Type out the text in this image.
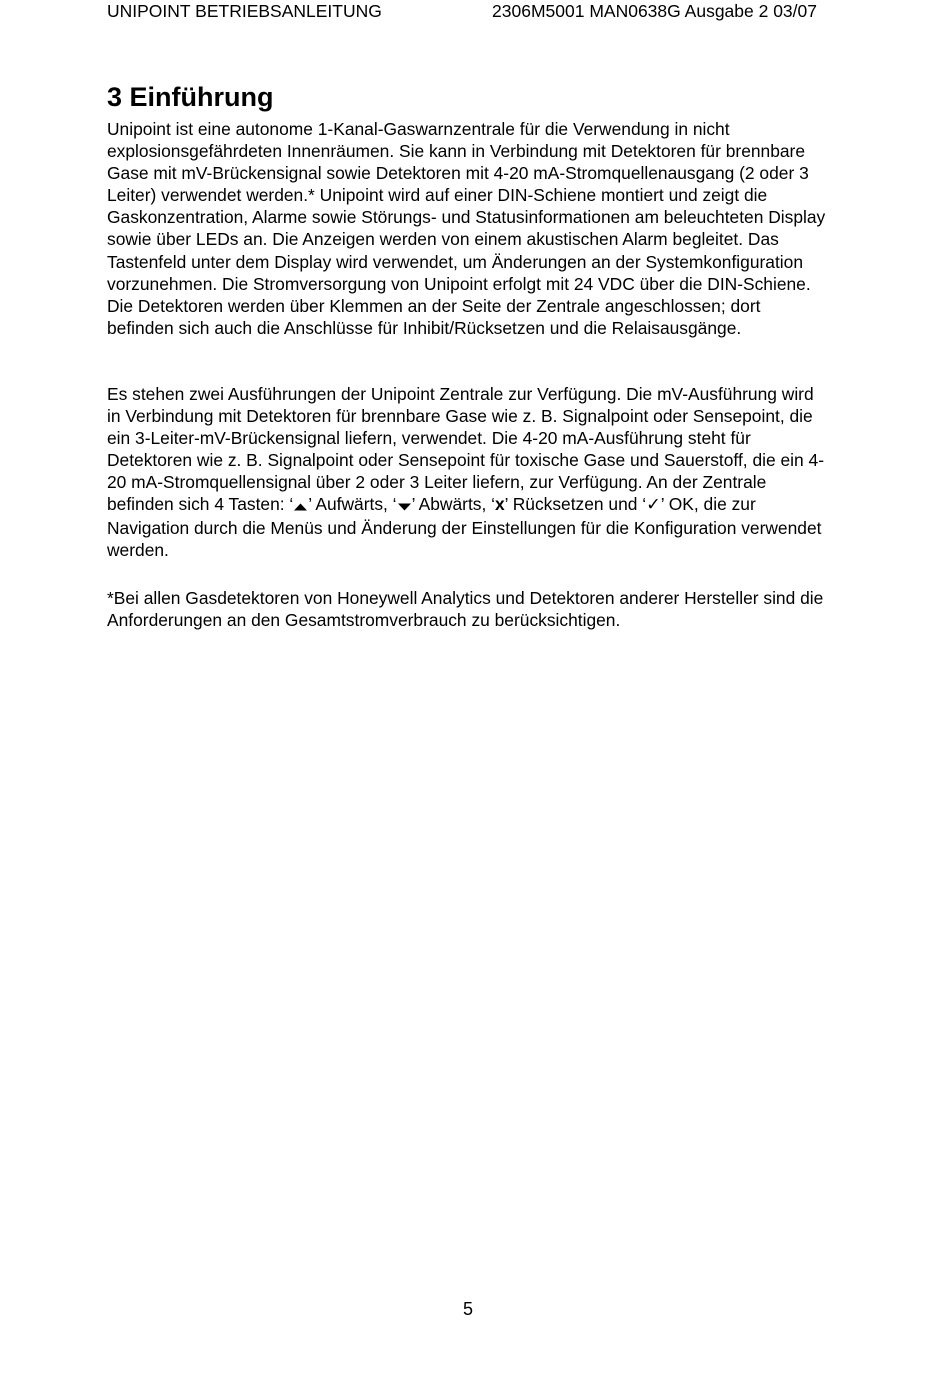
UNIPOINT BETRIEBSANLEITUNG	2306M5001 MAN0638G Ausgabe 2 03/07
3 Einführung

Unipoint ist eine autonome 1-Kanal-Gaswarnzentrale für die Verwendung in nicht explosionsgefährdeten Innenräumen. Sie kann in Verbindung mit Detektoren für brennbare Gase mit mV-Brückensignal sowie Detektoren mit 4-20 mA-Stromquellenausgang (2 oder 3 Leiter) verwendet werden.* Unipoint wird auf einer DIN-Schiene montiert und zeigt die Gaskonzentration, Alarme sowie Störungs- und Statusinformationen am beleuchteten Display sowie über LEDs an. Die Anzeigen werden von einem akustischen Alarm begleitet. Das Tastenfeld unter dem Display wird verwendet, um Änderungen an der Systemkonfiguration vorzunehmen. Die Stromversorgung von Unipoint erfolgt mit 24 VDC über die DIN-Schiene. Die Detektoren werden über Klemmen an der Seite der Zentrale angeschlossen; dort befinden sich auch die Anschlüsse für Inhibit/Rücksetzen und die Relaisausgänge.

Es stehen zwei Ausführungen der Unipoint Zentrale zur Verfügung. Die mV-Ausführung wird in Verbindung mit Detektoren für brennbare Gase wie z. B. Signalpoint oder Sensepoint, die ein 3-Leiter-mV-Brückensignal liefern, verwendet. Die 4-20 mA-Ausführung steht für Detektoren wie z. B. Signalpoint oder Sensepoint für toxische Gase und Sauerstoff, die ein 4-20 mA-Stromquellensignal über 2 oder 3 Leiter liefern, zur Verfügung. An der Zentrale befinden sich 4 Tasten: ‘ ’ Aufwärts, ‘ ’ Abwärts, ‘x’ Rücksetzen und ‘✓’ OK, die zur Navigation durch die Menüs und Änderung der Einstellungen für die Konfiguration verwendet werden.

*Bei allen Gasdetektoren von Honeywell Analytics und Detektoren anderer Hersteller sind die Anforderungen an den Gesamtstromverbrauch zu berücksichtigen.

5
